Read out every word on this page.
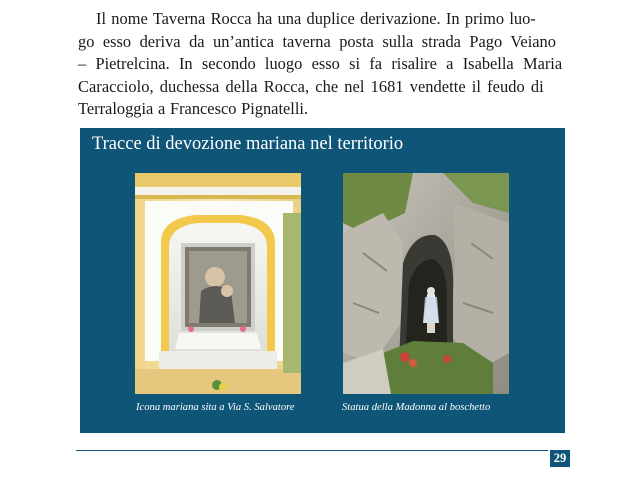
Il nome Taverna Rocca ha una duplice derivazione. In primo luo-
go esso deriva da un’antica taverna posta sulla strada Pago Veiano
– Pietrelcina. In secondo luogo esso si fa risalire a Isabella Maria
Caracciolo, duchessa della Rocca, che nel 1681 vendette il feudo di
Terraloggia a Francesco Pignatelli.

Tracce di devozione mariana nel territorio

Icona mariana sita a Via S. Salvatore	Statua della Madonna al boschetto

29
